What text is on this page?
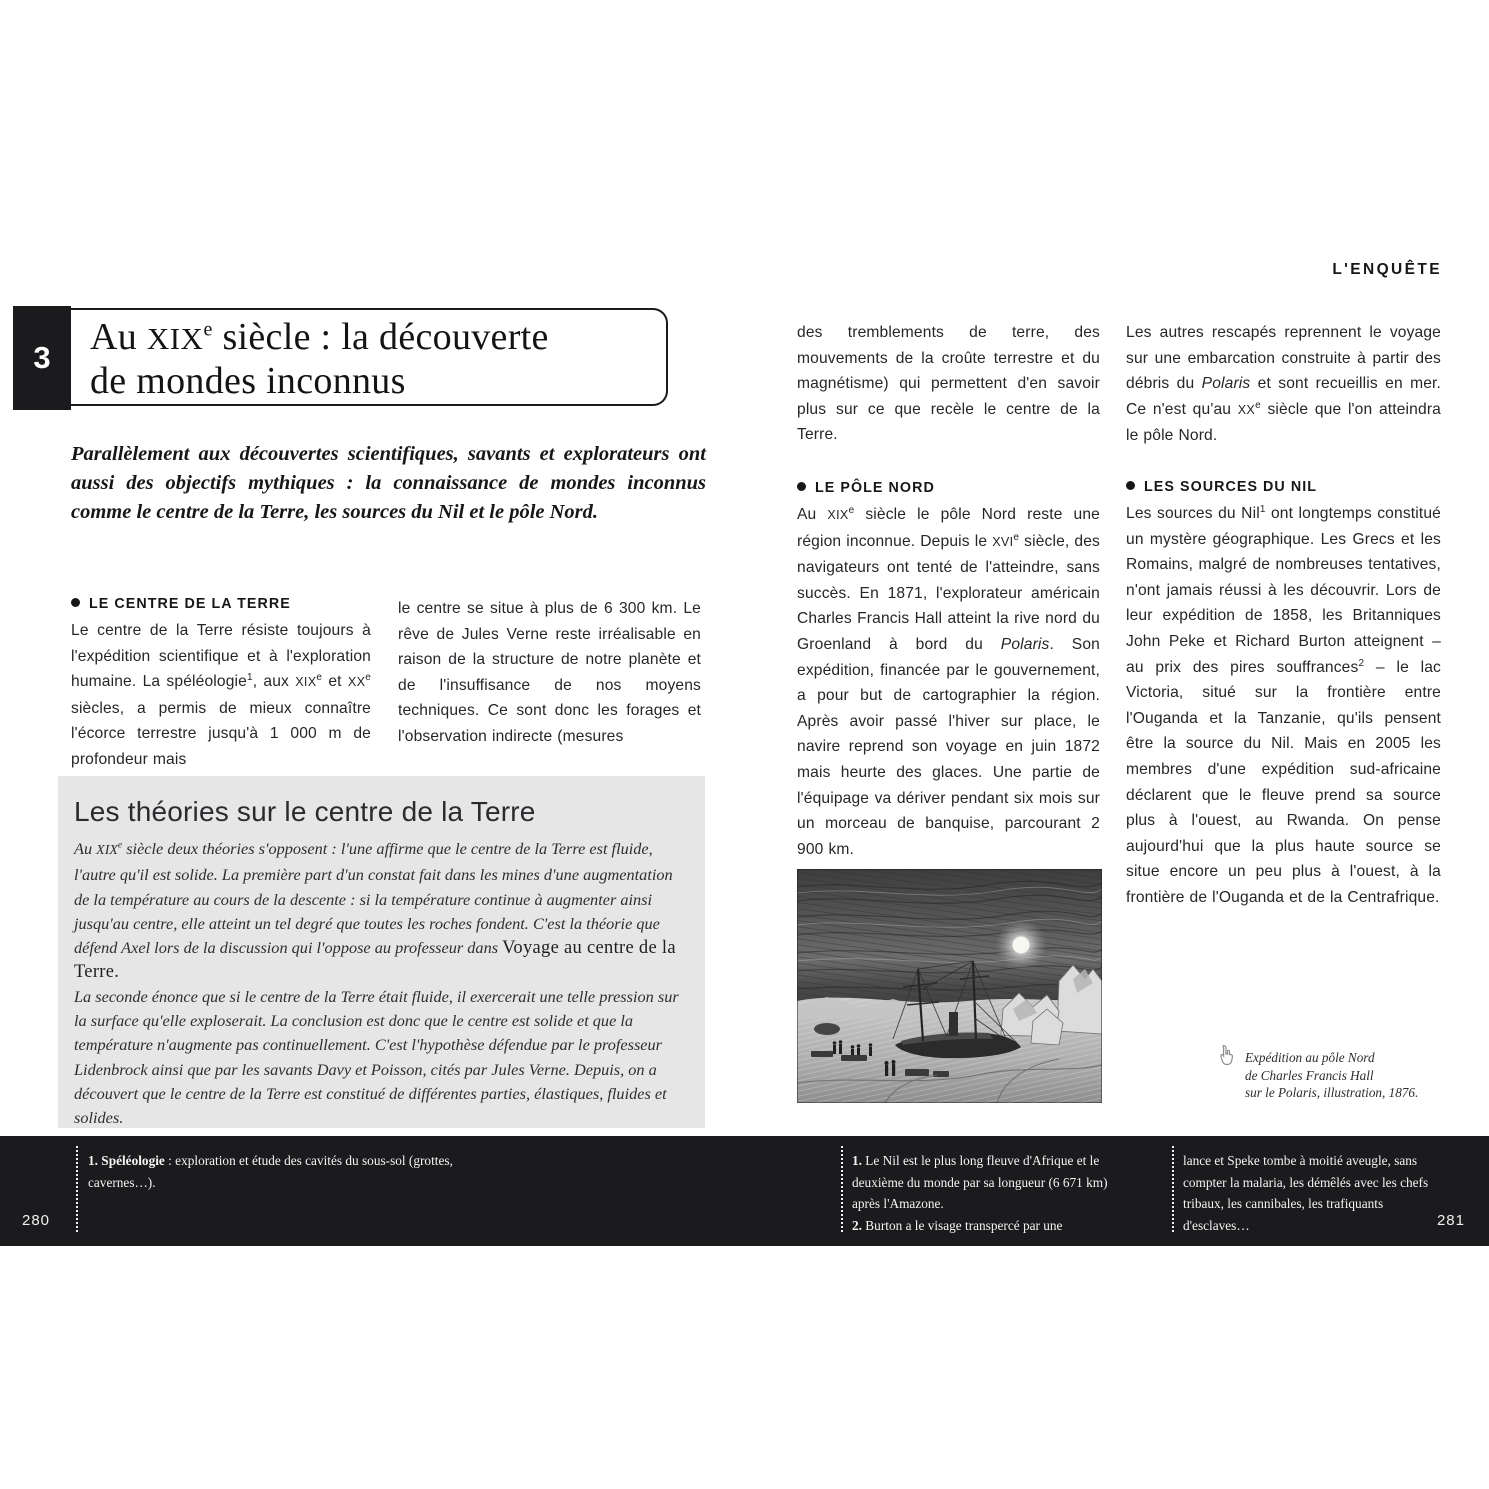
L'ENQUÊTE
3 Au XIXe siècle : la découverte
de mondes inconnus
Parallèlement aux découvertes scientifiques, savants et explorateurs ont aussi des objectifs mythiques : la connaissance de mondes inconnus comme le centre de la Terre, les sources du Nil et le pôle Nord.
LE CENTRE DE LA TERRE

Le centre de la Terre résiste toujours à l'expédition scientifique et à l'exploration humaine. La spéléologie$^1$, aux XIXe et XXe siècles, a permis de mieux connaître l'écorce terrestre jusqu'à 1 000 m de profondeur mais

le centre se situe à plus de 6 300 km. Le rêve de Jules Verne reste irréalisable en raison de la structure de notre planète et de l'insuffisance de nos moyens techniques. Ce sont donc les forages et l'observation indirecte (mesures

des tremblements de terre, des mouvements de la croûte terrestre et du magnétisme) qui permettent d'en savoir plus sur ce que recèle le centre de la Terre.

LE PÔLE NORD

Au XIXe siècle le pôle Nord reste une région inconnue. Depuis le XVIe siècle, des navigateurs ont tenté de l'atteindre, sans succès. En 1871, l'explorateur américain Charles Francis Hall atteint la rive nord du Groenland à bord du Polaris. Son expédition, financée par le gouvernement, a pour but de cartographier la région. Après avoir passé l'hiver sur place, le navire reprend son voyage en juin 1872 mais heurte des glaces. Une partie de l'équipage va dériver pendant six mois sur un morceau de banquise, parcourant 2 900 km.

Les autres rescapés reprennent le voyage sur une embarcation construite à partir des débris du Polaris et sont recueillis en mer. Ce n'est qu'au XXe siècle que l'on atteindra le pôle Nord.

LES SOURCES DU NIL

Les sources du Nil$^1$ ont longtemps constitué un mystère géographique. Les Grecs et les Romains, malgré de nombreuses tentatives, n'ont jamais réussi à les découvrir. Lors de leur expédition de 1858, les Britanniques John Peke et Richard Burton atteignent – au prix des pires souffrances$^2$ – le lac Victoria, situé sur la frontière entre l'Ouganda et la Tanzanie, qu'ils pensent être la source du Nil. Mais en 2005 les membres d'une expédition sud-africaine déclarent que le fleuve prend sa source plus à l'ouest, au Rwanda. On pense aujourd'hui que la plus haute source se situe encore un peu plus à l'ouest, à la frontière de l'Ouganda et de la Centrafrique.

Les théories sur le centre de la Terre

Au XIXe siècle deux théories s'opposent : l'une affirme que le centre de la Terre est fluide, l'autre qu'il est solide. La première part d'un constat fait dans les mines d'une augmentation de la température au cours de la descente : si la température continue à augmenter ainsi jusqu'au centre, elle atteint un tel degré que toutes les roches fondent. C'est la théorie que défend Axel lors de la discussion qui l'oppose au professeur dans Voyage au centre de la Terre.

La seconde énonce que si le centre de la Terre était fluide, il exercerait une telle pression sur la surface qu'elle exploserait. La conclusion est donc que le centre est solide et que la température n'augmente pas continuellement. C'est l'hypothèse défendue par le professeur Lidenbrock ainsi que par les savants Davy et Poisson, cités par Jules Verne. Depuis, on a découvert que le centre de la Terre est constitué de différentes parties, élastiques, fluides et solides.

Expédition au pôle Nord
de Charles Francis Hall
sur le Polaris, illustration, 1876.
1. Spéléologie : exploration et étude des cavités du sous-sol (grottes, cavernes…).
1. Le Nil est le plus long fleuve d'Afrique et le deuxième du monde par sa longueur (6 671 km) après l'Amazone.
2. Burton a le visage transpercé par une
lance et Speke tombe à moitié aveugle, sans compter la malaria, les démêlés avec les chefs tribaux, les cannibales, les trafiquants d'esclaves…
280	281
